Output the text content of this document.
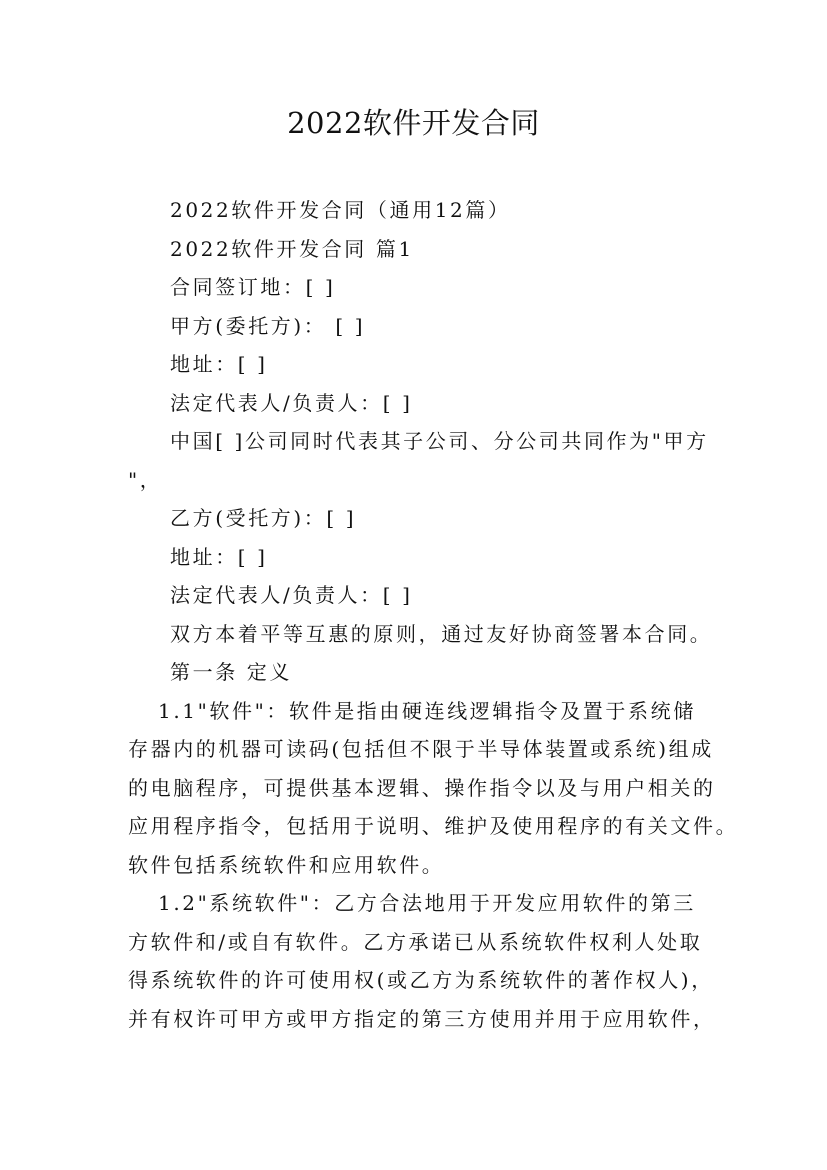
2022软件开发合同

2022软件开发合同（通用12篇）

2022软件开发合同 篇1

合同签订地：[ ]

甲方(委托方)： [ ]

地址：[ ]

法定代表人/负责人：[ ]

中国[ ]公司同时代表其子公司、分公司共同作为"甲方

"，

乙方(受托方)：[ ]

地址：[ ]

法定代表人/负责人：[ ]

双方本着平等互惠的原则，通过友好协商签署本合同。

第一条 定义

1.1"软件"：软件是指由硬连线逻辑指令及置于系统储

存器内的机器可读码(包括但不限于半导体装置或系统)组成

的电脑程序，可提供基本逻辑、操作指令以及与用户相关的

应用程序指令，包括用于说明、维护及使用程序的有关文件。

软件包括系统软件和应用软件。

1.2"系统软件"：乙方合法地用于开发应用软件的第三

方软件和/或自有软件。乙方承诺已从系统软件权利人处取

得系统软件的许可使用权(或乙方为系统软件的著作权人)，

并有权许可甲方或甲方指定的第三方使用并用于应用软件，
